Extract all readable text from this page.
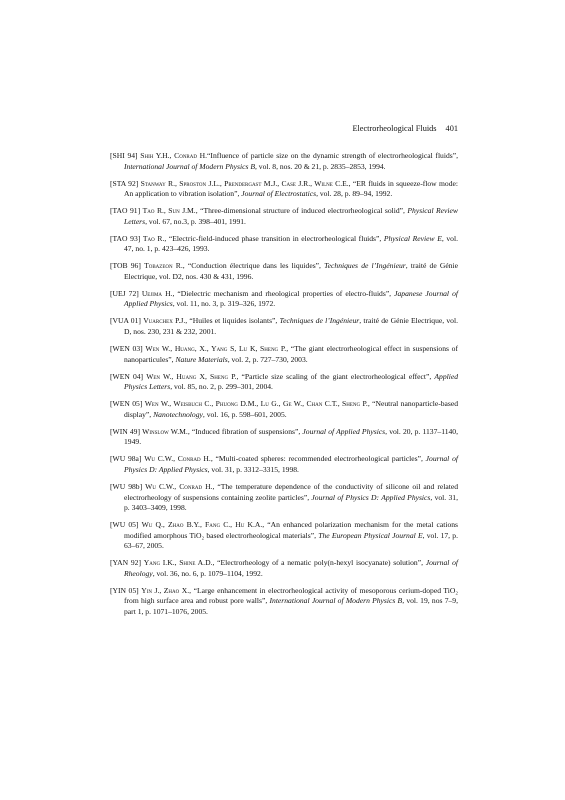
Electrorheological Fluids 401
[SHI 94] Shih Y.H., Conrad H.“Influence of particle size on the dynamic strength of electrorheological fluids”, International Journal of Modern Physics B, vol. 8, nos. 20 & 21, p. 2835–2853, 1994.
[STA 92] Stanway R., Sproston J.L., Prendergast M.J., Case J.R., Wilne C.E., “ER fluids in squeeze-flow mode: An application to vibration isolation”, Journal of Electrostatics, vol. 28, p. 89–94, 1992.
[TAO 91] Tao R., Sun J.M., “Three-dimensional structure of induced electrorheological solid”, Physical Review Letters, vol. 67, no.3, p. 398–401, 1991.
[TAO 93] Tao R., “Electric-field-induced phase transition in electrorheological fluids”, Physical Review E, vol. 47, no. 1, p. 423–426, 1993.
[TOB 96] Tobazeon R., “Conduction électrique dans les liquides”, Techniques de l’Ingénieur, traité de Génie Electrique, vol. D2, nos. 430 & 431, 1996.
[UEJ 72] Uejima H., “Dielectric mechanism and rheological properties of electro-fluids”, Japanese Journal of Applied Physics, vol. 11, no. 3, p. 319–326, 1972.
[VUA 01] Vuarchex P.J., “Huiles et liquides isolants”, Techniques de l’Ingénieur, traité de Génie Electrique, vol. D, nos. 230, 231 & 232, 2001.
[WEN 03] Wen W., Huang, X., Yang S, Lu K, Sheng P., “The giant electrorheological effect in suspensions of nanoparticules”, Nature Materials, vol. 2, p. 727–730, 2003.
[WEN 04] Wen W., Huang X, Sheng P., “Particle size scaling of the giant electrorheological effect”, Applied Physics Letters, vol. 85, no. 2, p. 299–301, 2004.
[WEN 05] Wen W., Weisbuch C., Phuong D.M., Lu G., Ge W., Chan C.T., Sheng P., “Neutral nanoparticle-based display”, Nanotechnology, vol. 16, p. 598–601, 2005.
[WIN 49] Winslow W.M., “Induced fibration of suspensions”, Journal of Applied Physics, vol. 20, p. 1137–1140, 1949.
[WU 98a] Wu C.W., Conrad H., “Multi-coated spheres: recommended electrorheological particles”, Journal of Physics D: Applied Physics, vol. 31, p. 3312–3315, 1998.
[WU 98b] Wu C.W., Conrad H., “The temperature dependence of the conductivity of silicone oil and related electrorheology of suspensions containing zeolite particles”, Journal of Physics D: Applied Physics, vol. 31, p. 3403–3409, 1998.
[WU 05] Wu Q., Zhao B.Y., Fang C., Hu K.A., “An enhanced polarization mechanism for the metal cations modified amorphous TiO₂ based electrorheological materials”, The European Physical Journal E, vol. 17, p. 63–67, 2005.
[YAN 92] Yang I.K., Shine A.D., “Electrorheology of a nematic poly(n-hexyl isocyanate) solution”, Journal of Rheology, vol. 36, no. 6, p. 1079–1104, 1992.
[YIN 05] Yin J., Zhao X., “Large enhancement in electrorheological activity of mesoporous cerium-doped TiO₂ from high surface area and robust pore walls”, International Journal of Modern Physics B, vol. 19, nos 7–9, part 1, p. 1071–1076, 2005.
